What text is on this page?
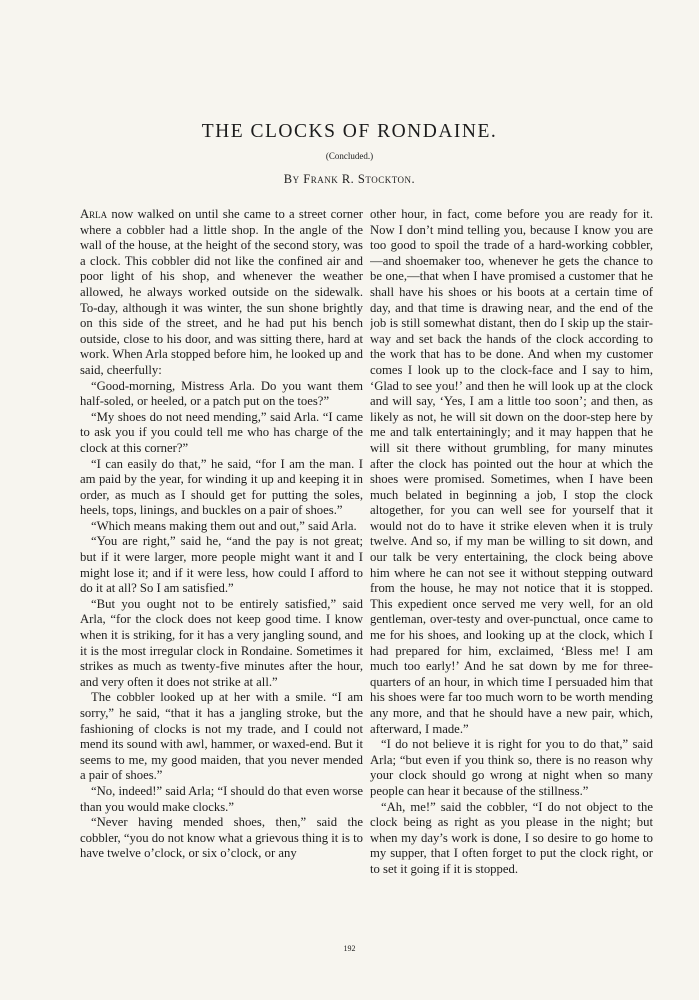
THE CLOCKS OF RONDAINE.
(Concluded.)
By Frank R. Stockton.

Arla now walked on until she came to a street corner where a cobbler had a little shop. In the angle of the wall of the house, at the height of the second story, was a clock. This cobbler did not like the confined air and poor light of his shop, and whenever the weather allowed, he always worked outside on the sidewalk. To-day, although it was winter, the sun shone brightly on this side of the street, and he had put his bench outside, close to his door, and was sitting there, hard at work. When Arla stopped before him, he looked up and said, cheerfully:

“Good-morning, Mistress Arla. Do you want them half-soled, or heeled, or a patch put on the toes?”

“My shoes do not need mending,” said Arla. “I came to ask you if you could tell me who has charge of the clock at this corner?”

“I can easily do that,” he said, “for I am the man. I am paid by the year, for winding it up and keeping it in order, as much as I should get for putting the soles, heels, tops, linings, and buckles on a pair of shoes.”

“Which means making them out and out,” said Arla.

“You are right,” said he, “and the pay is not great; but if it were larger, more people might want it and I might lose it; and if it were less, how could I afford to do it at all? So I am satisfied.”

“But you ought not to be entirely satisfied,” said Arla, “for the clock does not keep good time. I know when it is striking, for it has a very jangling sound, and it is the most irregular clock in Rondaine. Sometimes it strikes as much as twenty-five minutes after the hour, and very often it does not strike at all.”

The cobbler looked up at her with a smile. “I am sorry,” he said, “that it has a jangling stroke, but the fashioning of clocks is not my trade, and I could not mend its sound with awl, hammer, or waxed-end. But it seems to me, my good maiden, that you never mended a pair of shoes.”

“No, indeed!” said Arla; “I should do that even worse than you would make clocks.”

“Never having mended shoes, then,” said the cobbler, “you do not know what a grievous thing it is to have twelve o’clock, or six o’clock, or any

other hour, in fact, come before you are ready for it. Now I don’t mind telling you, because I know you are too good to spoil the trade of a hard-working cobbler,—and shoemaker too, whenever he gets the chance to be one,—that when I have promised a customer that he shall have his shoes or his boots at a certain time of day, and that time is drawing near, and the end of the job is still somewhat distant, then do I skip up the stair-way and set back the hands of the clock according to the work that has to be done. And when my customer comes I look up to the clock-face and I say to him, ‘Glad to see you!’ and then he will look up at the clock and will say, ‘Yes, I am a little too soon’; and then, as likely as not, he will sit down on the door-step here by me and talk entertainingly; and it may happen that he will sit there without grumbling, for many minutes after the clock has pointed out the hour at which the shoes were promised. Sometimes, when I have been much belated in beginning a job, I stop the clock altogether, for you can well see for yourself that it would not do to have it strike eleven when it is truly twelve. And so, if my man be willing to sit down, and our talk be very entertaining, the clock being above him where he can not see it without stepping outward from the house, he may not notice that it is stopped. This expedient once served me very well, for an old gentleman, over-testy and over-punctual, once came to me for his shoes, and looking up at the clock, which I had prepared for him, exclaimed, ‘Bless me! I am much too early!’ And he sat down by me for three-quarters of an hour, in which time I persuaded him that his shoes were far too much worn to be worth mending any more, and that he should have a new pair, which, afterward, I made.”

“I do not believe it is right for you to do that,” said Arla; “but even if you think so, there is no reason why your clock should go wrong at night when so many people can hear it because of the stillness.”

“Ah, me!” said the cobbler, “I do not object to the clock being as right as you please in the night; but when my day’s work is done, I so desire to go home to my supper, that I often forget to put the clock right, or to set it going if it is stopped.

192
